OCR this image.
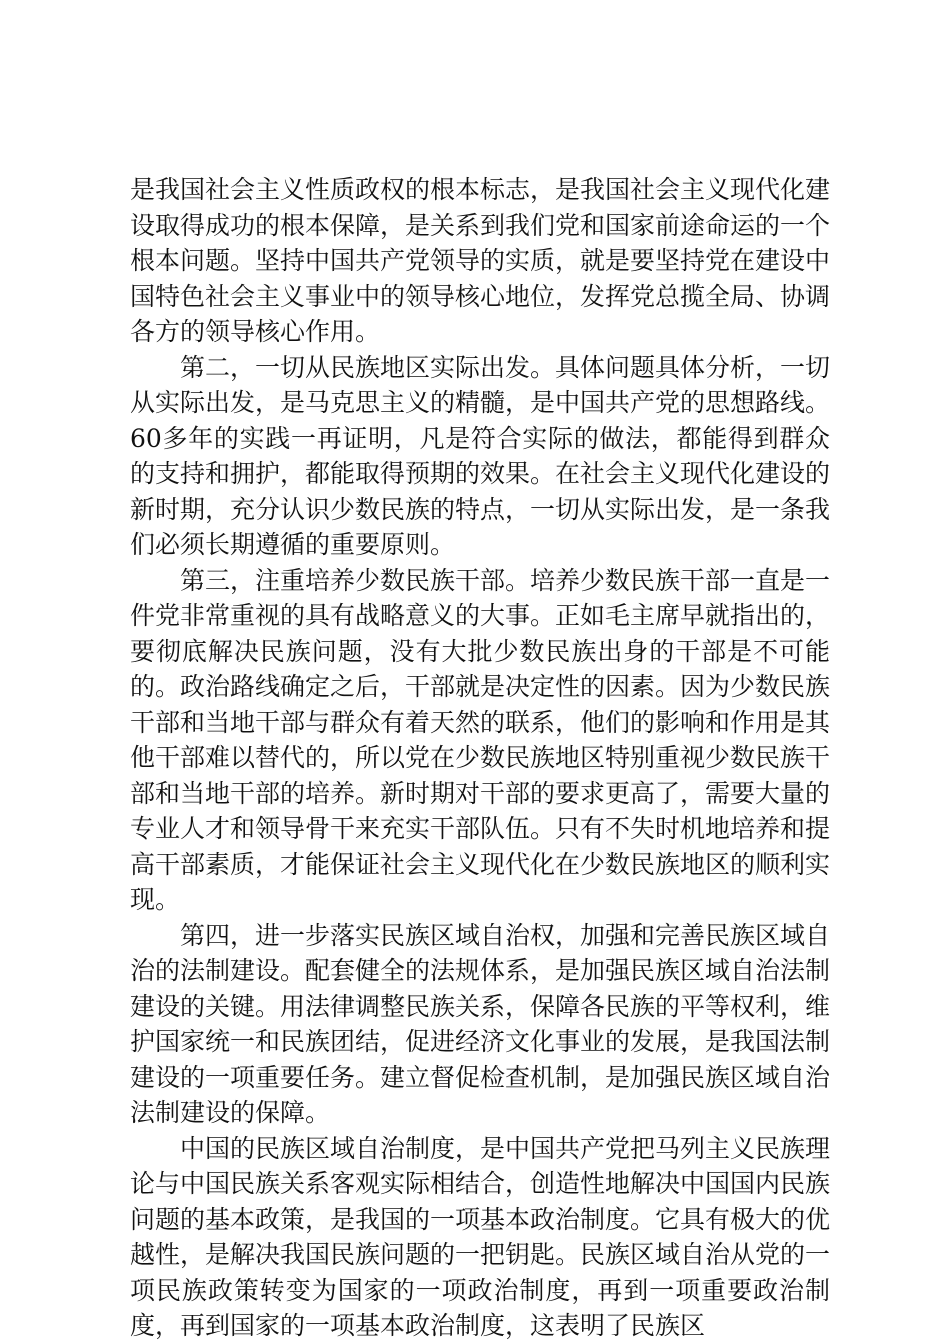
是我国社会主义性质政权的根本标志，是我国社会主义现代化建设取得成功的根本保障，是关系到我们党和国家前途命运的一个根本问题。坚持中国共产党领导的实质，就是要坚持党在建设中国特色社会主义事业中的领导核心地位，发挥党总揽全局、协调各方的领导核心作用。

第二，一切从民族地区实际出发。具体问题具体分析，一切从实际出发，是马克思主义的精髓，是中国共产党的思想路线。60多年的实践一再证明，凡是符合实际的做法，都能得到群众的支持和拥护，都能取得预期的效果。在社会主义现代化建设的新时期，充分认识少数民族的特点，一切从实际出发，是一条我们必须长期遵循的重要原则。

第三，注重培养少数民族干部。培养少数民族干部一直是一件党非常重视的具有战略意义的大事。正如毛主席早就指出的，要彻底解决民族问题，没有大批少数民族出身的干部是不可能的。政治路线确定之后，干部就是决定性的因素。因为少数民族干部和当地干部与群众有着天然的联系，他们的影响和作用是其他干部难以替代的，所以党在少数民族地区特别重视少数民族干部和当地干部的培养。新时期对干部的要求更高了，需要大量的专业人才和领导骨干来充实干部队伍。只有不失时机地培养和提高干部素质，才能保证社会主义现代化在少数民族地区的顺利实现。

第四，进一步落实民族区域自治权，加强和完善民族区域自治的法制建设。配套健全的法规体系，是加强民族区域自治法制建设的关键。用法律调整民族关系，保障各民族的平等权利，维护国家统一和民族团结，促进经济文化事业的发展，是我国法制建设的一项重要任务。建立督促检查机制，是加强民族区域自治法制建设的保障。

中国的民族区域自治制度，是中国共产党把马列主义民族理论与中国民族关系客观实际相结合，创造性地解决中国国内民族问题的基本政策，是我国的一项基本政治制度。它具有极大的优越性，是解决我国民族问题的一把钥匙。民族区域自治从党的一项民族政策转变为国家的一项政治制度，再到一项重要政治制度，再到国家的一项基本政治制度，这表明了民族区
